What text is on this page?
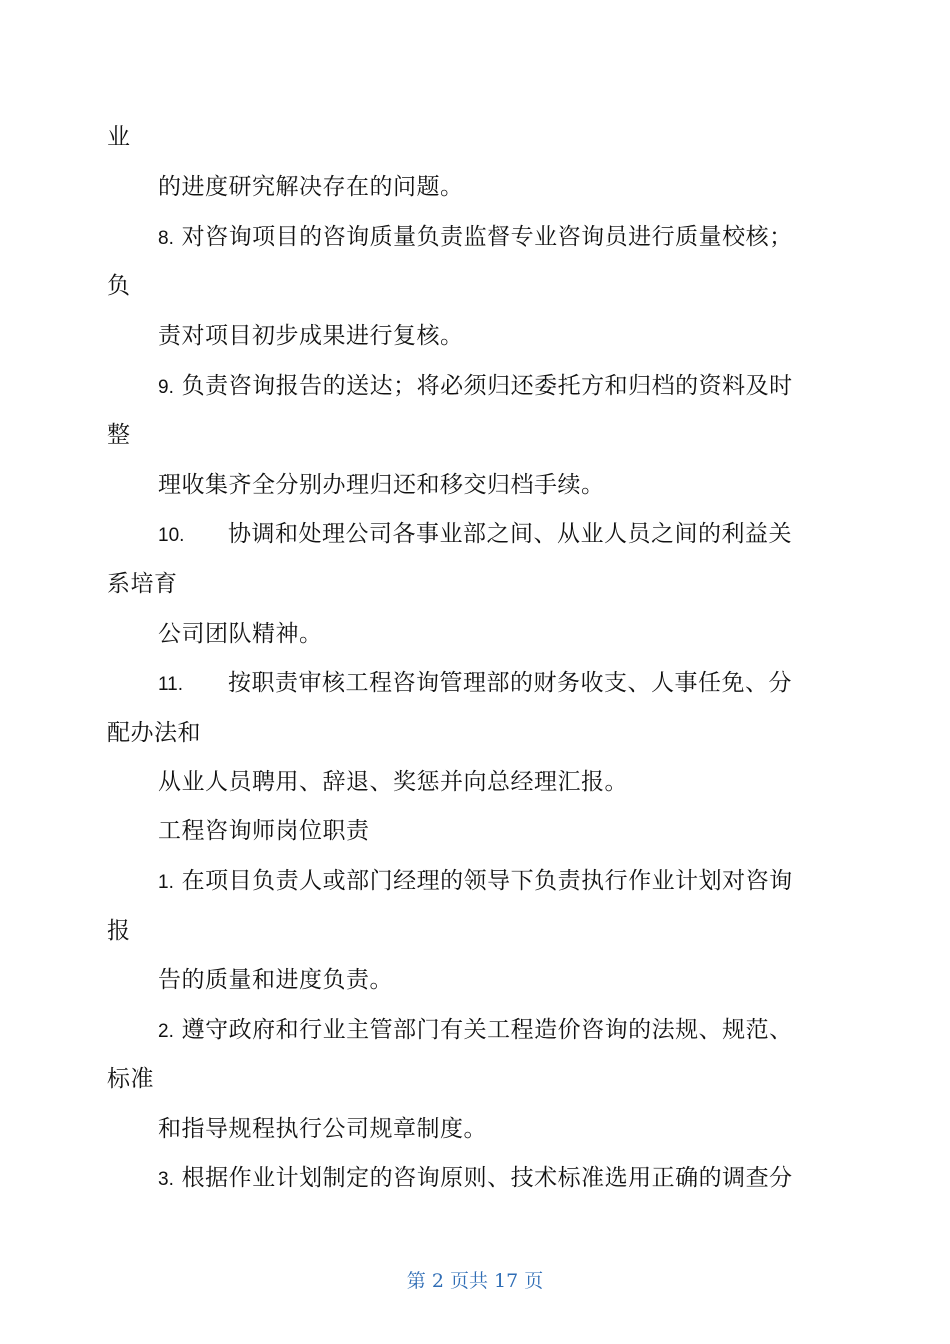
业
的进度研究解决存在的问题。
8. 对咨询项目的咨询质量负责监督专业咨询员进行质量校核；
负
责对项目初步成果进行复核。
9. 负责咨询报告的送达；将必须归还委托方和归档的资料及时
整
理收集齐全分别办理归还和移交归档手续。
10. 协调和处理公司各事业部之间、从业人员之间的利益关
系培育
公司团队精神。
11. 按职责审核工程咨询管理部的财务收支、人事任免、分
配办法和
从业人员聘用、辞退、奖惩并向总经理汇报。
工程咨询师岗位职责
1. 在项目负责人或部门经理的领导下负责执行作业计划对咨询
报
告的质量和进度负责。
2. 遵守政府和行业主管部门有关工程造价咨询的法规、规范、
标准
和指导规程执行公司规章制度。
3. 根据作业计划制定的咨询原则、技术标准选用正确的调查分
第 2 页共 17 页
